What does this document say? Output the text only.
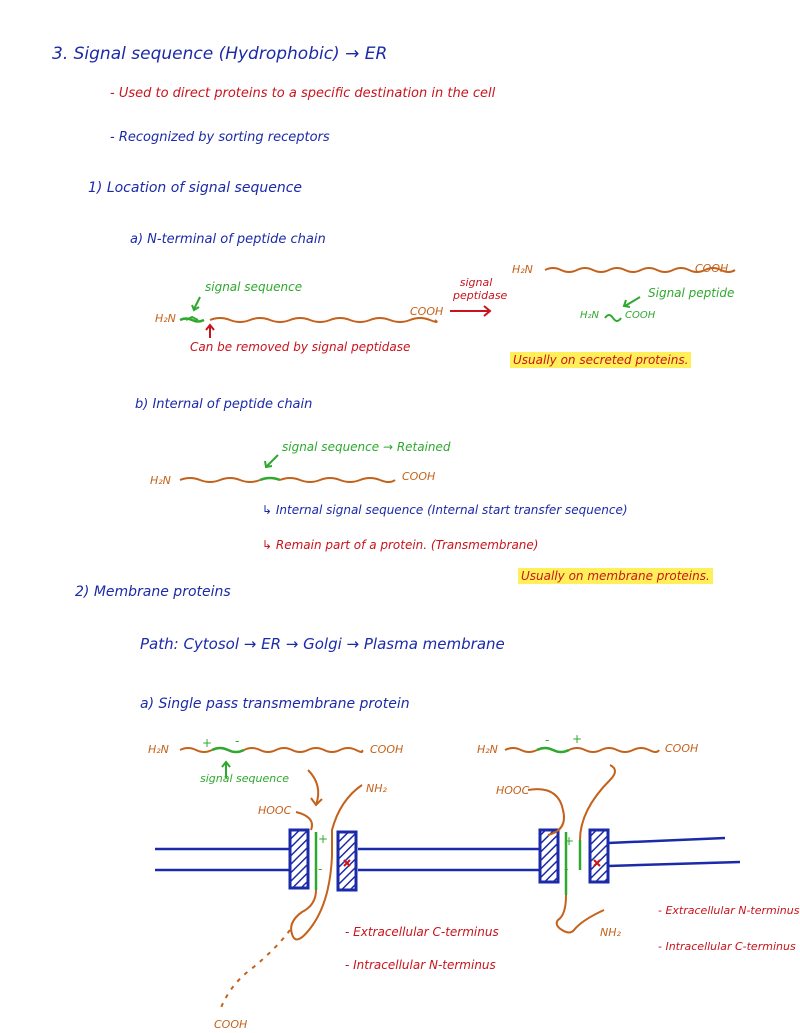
3. Signal sequence (Hydrophobic) → ER
- Used to direct proteins to a specific destination in the cell
- Recognized by sorting receptors
1) Location of signal sequence
a) N-terminal of peptide chain
signal sequence
H₂N
COOH
Can be removed by signal peptidase
signal peptidase
H₂N	COOH
Signal peptide
H₂N	COOH
Usually on secreted proteins.
b) Internal of peptide chain
signal sequence → Retained
H₂N	COOH
↳ Internal signal sequence (Internal start transfer sequence)
↳ Remain part of a protein. (Transmembrane)
Usually on membrane proteins.
2) Membrane proteins
Path: Cytosol → ER → Golgi → Plasma membrane
a) Single pass transmembrane protein
H₂N	COOH
+ -
signal sequence
HOOC
NH₂
+
-
COOH
- Extracellular C-terminus
- Intracellular N-terminus
H₂N	COOH
+
-
HOOC
NH₂
+
-
- Extracellular N-terminus
- Intracellular C-terminus
